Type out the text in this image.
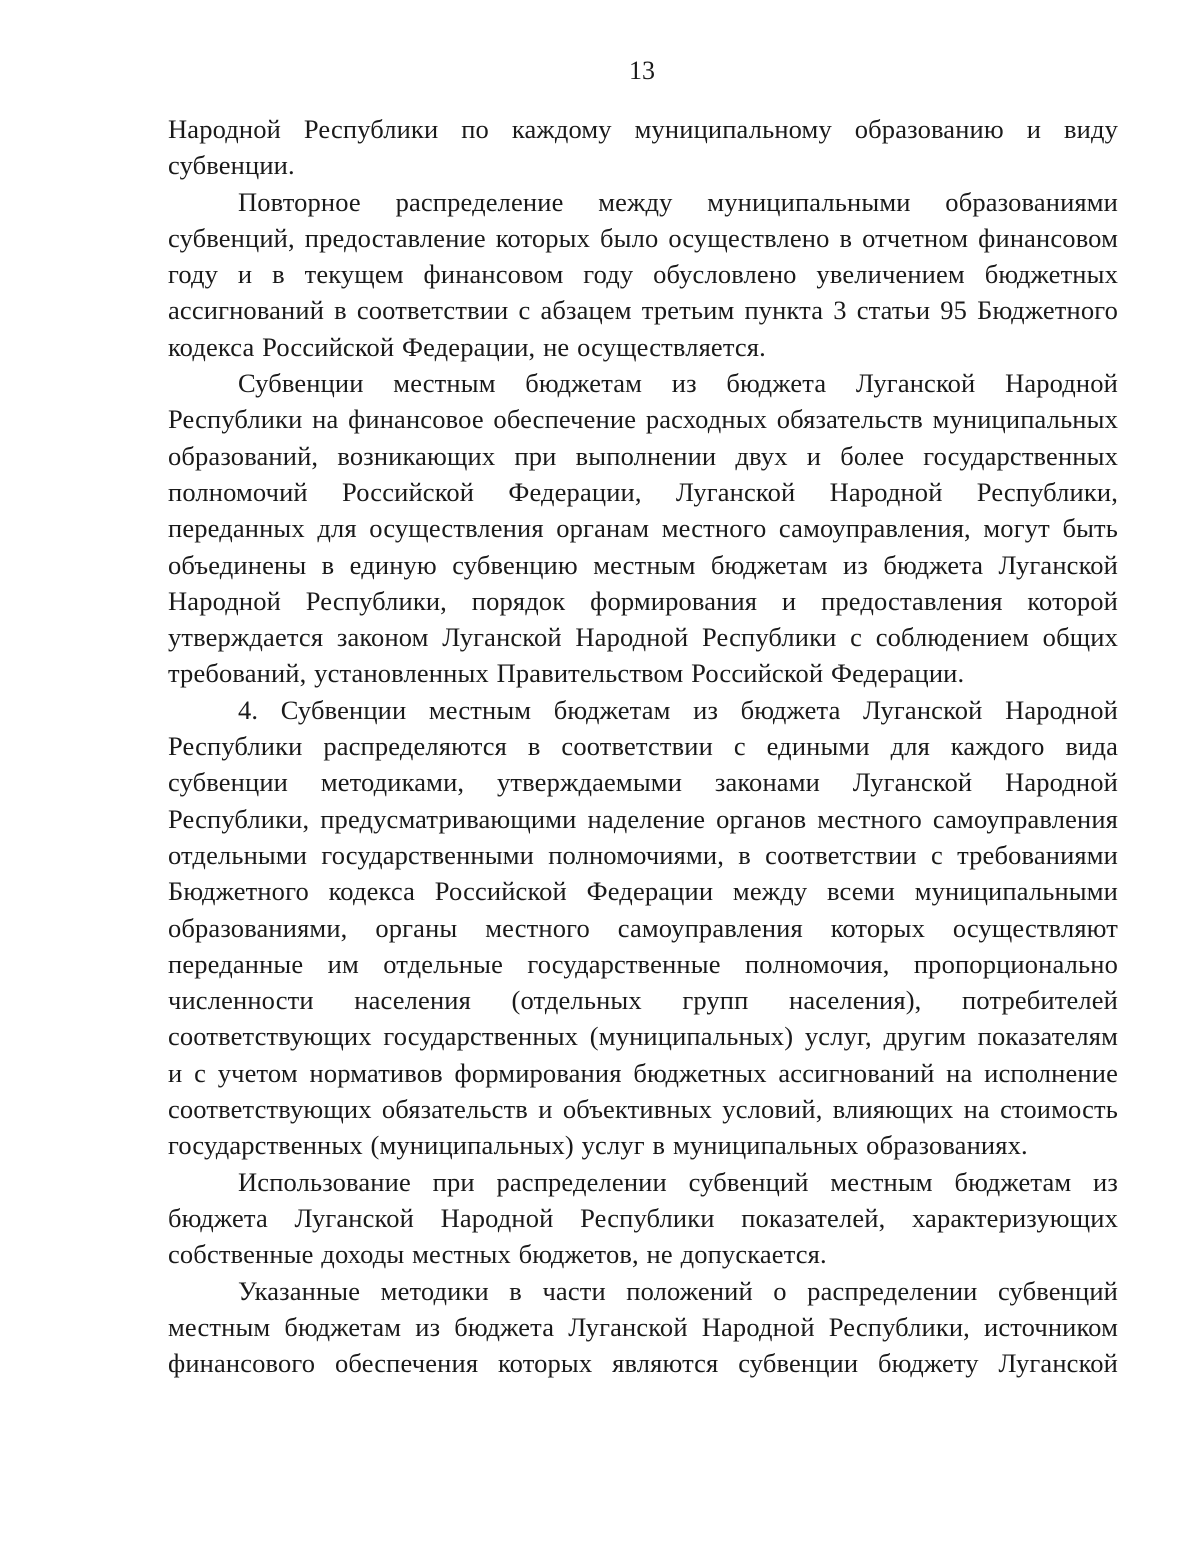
13

Народной Республики по каждому муниципальному образованию и виду субвенции.

Повторное распределение между муниципальными образованиями субвенций, предоставление которых было осуществлено в отчетном финансовом году и в текущем финансовом году обусловлено увеличением бюджетных ассигнований в соответствии с абзацем третьим пункта 3 статьи 95 Бюджетного кодекса Российской Федерации, не осуществляется.

Субвенции местным бюджетам из бюджета Луганской Народной Республики на финансовое обеспечение расходных обязательств муниципальных образований, возникающих при выполнении двух и более государственных полномочий Российской Федерации, Луганской Народной Республики, переданных для осуществления органам местного самоуправления, могут быть объединены в единую субвенцию местным бюджетам из бюджета Луганской Народной Республики, порядок формирования и предоставления которой утверждается законом Луганской Народной Республики с соблюдением общих требований, установленных Правительством Российской Федерации.

4. Субвенции местным бюджетам из бюджета Луганской Народной Республики распределяются в соответствии с едиными для каждого вида субвенции методиками, утверждаемыми законами Луганской Народной Республики, предусматривающими наделение органов местного самоуправления отдельными государственными полномочиями, в соответствии с требованиями Бюджетного кодекса Российской Федерации между всеми муниципальными образованиями, органы местного самоуправления которых осуществляют переданные им отдельные государственные полномочия, пропорционально численности населения (отдельных групп населения), потребителей соответствующих государственных (муниципальных) услуг, другим показателям и с учетом нормативов формирования бюджетных ассигнований на исполнение соответствующих обязательств и объективных условий, влияющих на стоимость государственных (муниципальных) услуг в муниципальных образованиях.

Использование при распределении субвенций местным бюджетам из бюджета Луганской Народной Республики показателей, характеризующих собственные доходы местных бюджетов, не допускается.

Указанные методики в части положений о распределении субвенций местным бюджетам из бюджета Луганской Народной Республики, источником финансового обеспечения которых являются субвенции бюджету Луганской
